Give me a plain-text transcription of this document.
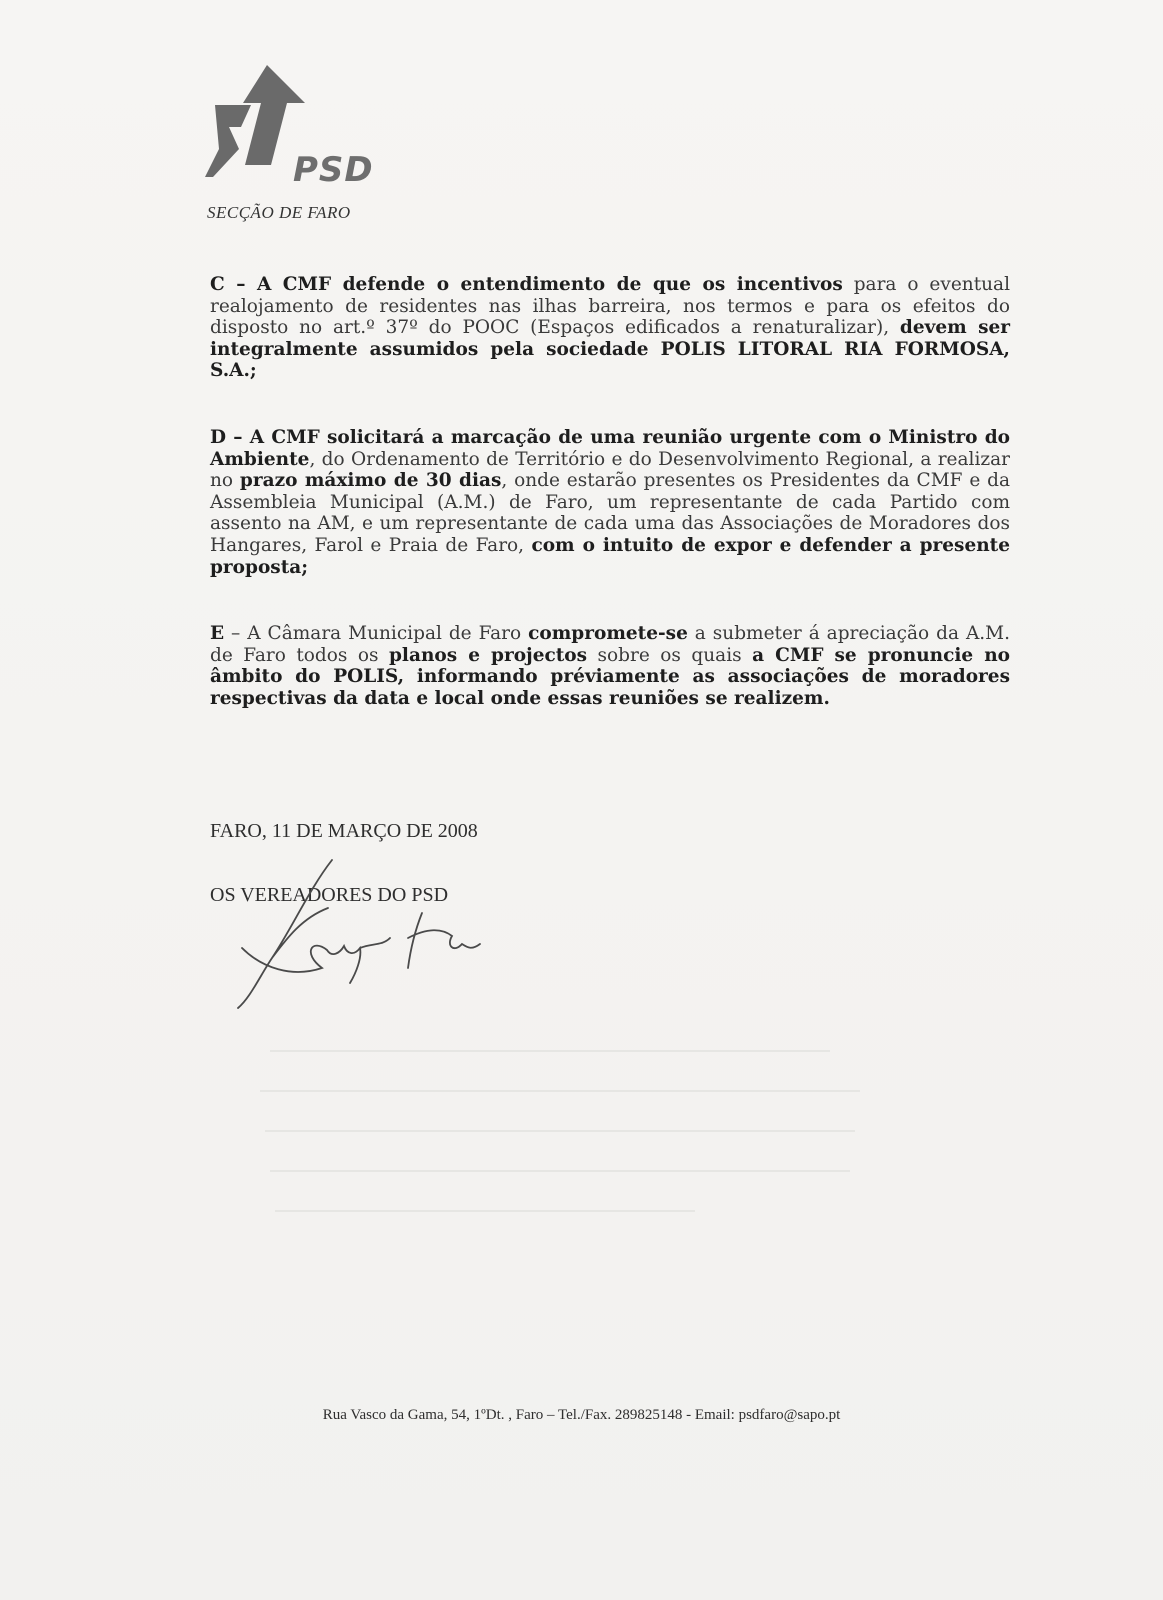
PSD
SECÇÃO DE FARO
C – A CMF defende o entendimento de que os incentivos para o eventual realojamento de residentes nas ilhas barreira, nos termos e para os efeitos do disposto no art.º 37º do POOC (Espaços edificados a renaturalizar), devem ser integralmente assumidos pela sociedade POLIS LITORAL RIA FORMOSA, S.A.;
D – A CMF solicitará a marcação de uma reunião urgente com o Ministro do Ambiente, do Ordenamento de Território e do Desenvolvimento Regional, a realizar no prazo máximo de 30 dias, onde estarão presentes os Presidentes da CMF e da Assembleia Municipal (A.M.) de Faro, um representante de cada Partido com assento na AM, e um representante de cada uma das Associações de Moradores dos Hangares, Farol e Praia de Faro, com o intuito de expor e defender a presente proposta;
E – A Câmara Municipal de Faro compromete-se a submeter á apreciação da A.M. de Faro todos os planos e projectos sobre os quais a CMF se pronuncie no âmbito do POLIS, informando préviamente as associações de moradores respectivas da data e local onde essas reuniões se realizem.
FARO, 11 DE MARÇO DE 2008
OS VEREADORES DO PSD
Rua Vasco da Gama, 54, 1ºDt. , Faro – Tel./Fax. 289825148 - Email: psdfaro@sapo.pt
